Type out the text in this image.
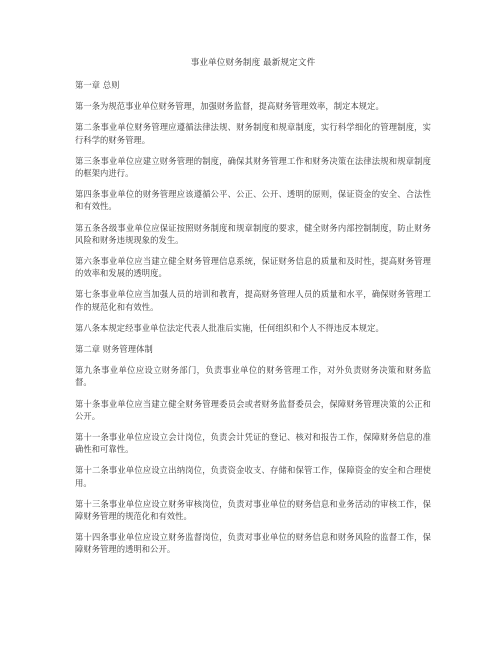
事业单位财务制度 最新规定文件
第一章 总则
第一条为规范事业单位财务管理，加强财务监督，提高财务管理效率，制定本规定。
第二条事业单位财务管理应遵循法律法规、财务制度和规章制度，实行科学细化的管理制度，实行科学的财务管理。
第三条事业单位应建立财务管理的制度，确保其财务管理工作和财务决策在法律法规和规章制度的框架内进行。
第四条事业单位的财务管理应该遵循公平、公正、公开、透明的原则，保证资金的安全、合法性和有效性。
第五条各级事业单位应保证按照财务制度和规章制度的要求，健全财务内部控制制度，防止财务风险和财务违规现象的发生。
第六条事业单位应当建立健全财务管理信息系统，保证财务信息的质量和及时性，提高财务管理的效率和发展的透明度。
第七条事业单位应当加强人员的培训和教育，提高财务管理人员的质量和水平，确保财务管理工作的规范化和有效性。
第八条本规定经事业单位法定代表人批准后实施，任何组织和个人不得违反本规定。
第二章 财务管理体制
第九条事业单位应设立财务部门，负责事业单位的财务管理工作，对外负责财务决策和财务监督。
第十条事业单位应当建立健全财务管理委员会或者财务监督委员会，保障财务管理决策的公正和公开。
第十一条事业单位应设立会计岗位，负责会计凭证的登记、核对和报告工作，保障财务信息的准确性和可靠性。
第十二条事业单位应设立出纳岗位，负责资金收支、存储和保管工作，保障资金的安全和合理使用。
第十三条事业单位应设立财务审核岗位，负责对事业单位的财务信息和业务活动的审核工作，保障财务管理的规范化和有效性。
第十四条事业单位应设立财务监督岗位，负责对事业单位的财务信息和财务风险的监督工作，保障财务管理的透明和公开。
